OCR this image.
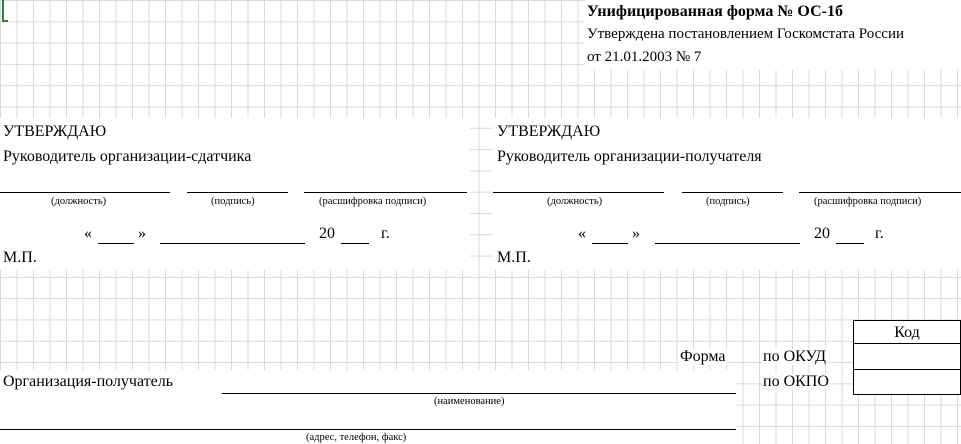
Унифицированная форма № ОС-1б
Утверждена постановлением Госкомстата России
от 21.01.2003 № 7
УТВЕРЖДАЮ
Руководитель организации-сдатчика
(должность)	(подпись)	(расшифровка подписи)
«	»	20	г.
М.П.
УТВЕРЖДАЮ
Руководитель организации-получателя
(должность)	(подпись)	(расшифровка подписи)
«	»	20	г.
М.П.
Код
Форма по ОКУД
по ОКПО
Организация-получатель
(наименование)
(адрес, телефон, факс)
